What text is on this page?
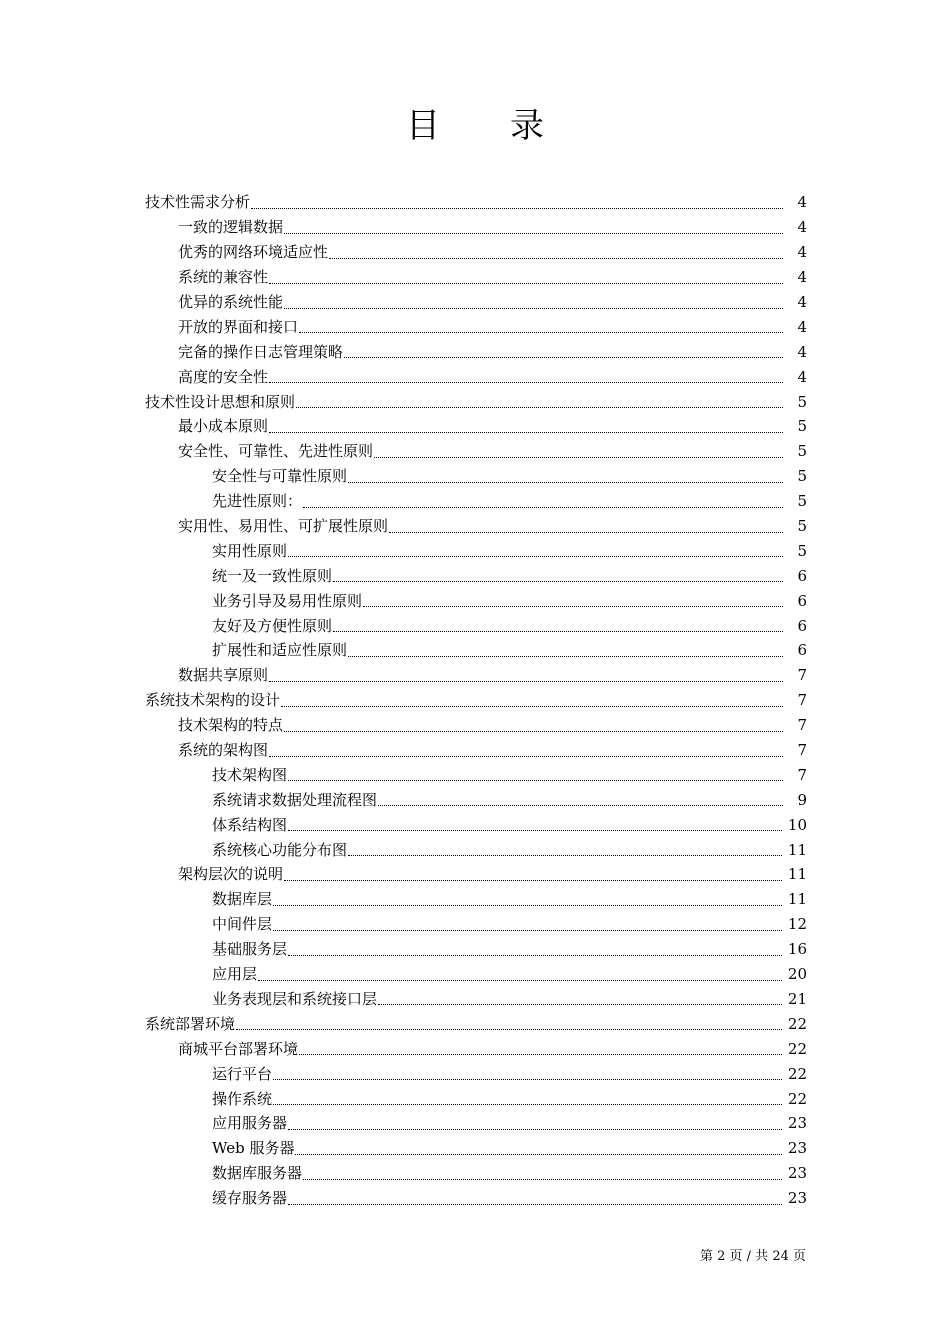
目录
技术性需求分析	4
一致的逻辑数据	4
优秀的网络环境适应性	4
系统的兼容性	4
优异的系统性能	4
开放的界面和接口	4
完备的操作日志管理策略	4
高度的安全性	4
技术性设计思想和原则	5
最小成本原则	5
安全性、可靠性、先进性原则	5
安全性与可靠性原则	5
先进性原则：	5
实用性、易用性、可扩展性原则	5
实用性原则	5
统一及一致性原则	6
业务引导及易用性原则	6
友好及方便性原则	6
扩展性和适应性原则	6
数据共享原则	7
系统技术架构的设计	7
技术架构的特点	7
系统的架构图	7
技术架构图	7
系统请求数据处理流程图	9
体系结构图	10
系统核心功能分布图	11
架构层次的说明	11
数据库层	11
中间件层	12
基础服务层	16
应用层	20
业务表现层和系统接口层	21
系统部署环境	22
商城平台部署环境	22
运行平台	22
操作系统	22
应用服务器	23
Web 服务器	23
数据库服务器	23
缓存服务器	23
第 2 页 / 共 24 页
